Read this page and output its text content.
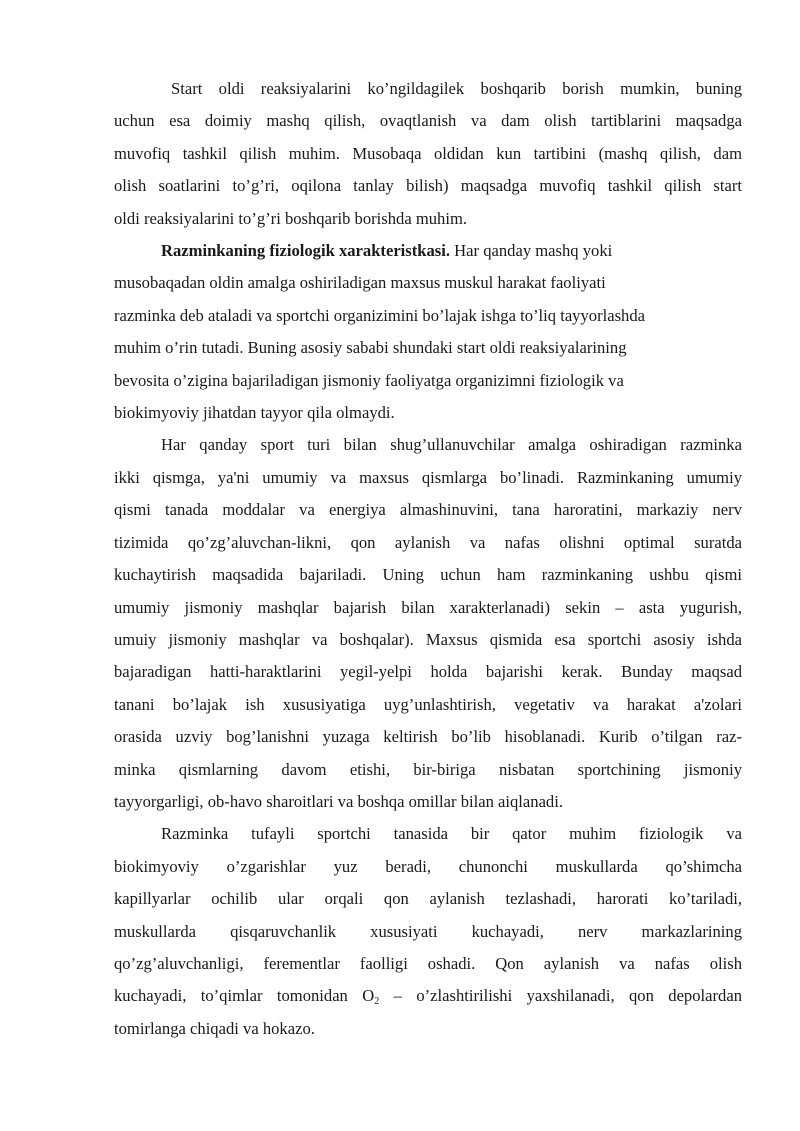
Start oldi reaksiyalarini ko’ngildagilek boshqarib borish mumkin, buning

uchun esa doimiy mashq qilish, ovaqtlanish va dam olish tartiblarini maqsadga

muvofiq tashkil qilish muhim. Musobaqa oldidan kun tartibini (mashq qilish, dam

olish soatlarini to’g’ri, oqilona tanlay bilish) maqsadga muvofiq tashkil qilish start

oldi reaksiyalarini to’g’ri boshqarib borishda muhim.

Razminkaning fiziologik xarakteristkasi. Har qanday mashq yoki

musobaqadan oldin amalga oshiriladigan maxsus muskul harakat faoliyati

razminka deb ataladi va sportchi organizimini bo’lajak ishga to’liq tayyorlashda

muhim o’rin tutadi. Buning asosiy sababi shundaki start oldi reaksiyalarining

bevosita o’zigina bajariladigan jismoniy faoliyatga organizimni fiziologik va

biokimyoviy jihatdan tayyor qila olmaydi.

Har qanday sport turi bilan shug’ullanuvchilar amalga oshiradigan razminka

ikki qismga, ya'ni umumiy va maxsus qismlarga bo’linadi. Razminkaning umumiy

qismi tanada moddalar va energiya almashinuvini, tana haroratini, markaziy nerv

tizimida qo’zg’aluvchan-likni, qon aylanish va nafas olishni optimal suratda

kuchaytirish maqsadida bajariladi. Uning uchun ham razminkaning ushbu qismi

umumiy jismoniy mashqlar bajarish bilan xarakterlanadi) sekin – asta yugurish,

umuiy jismoniy mashqlar va boshqalar). Maxsus qismida esa sportchi asosiy ishda

bajaradigan hatti-haraktlarini yegil-yelpi holda bajarishi kerak. Bunday maqsad

tanani bo’lajak ish xususiyatiga uyg’unlashtirish, vegetativ va harakat a'zolari

orasida uzviy bog’lanishni yuzaga keltirish bo’lib hisoblanadi. Kurib o’tilgan raz-

minka qismlarning davom etishi, bir-biriga nisbatan sportchining jismoniy

tayyorgarligi, ob-havo sharoitlari va boshqa omillar bilan aiqlanadi.

Razminka tufayli sportchi tanasida bir qator muhim fiziologik va

biokimyoviy o’zgarishlar yuz beradi, chunonchi muskullarda qo’shimcha

kapillyarlar ochilib ular orqali qon aylanish tezlashadi, harorati ko’tariladi,

muskullarda qisqaruvchanlik xususiyati kuchayadi, nerv markazlarining

qo’zg’aluvchanligi, ferementlar faolligi oshadi. Qon aylanish va nafas olish

kuchayadi, to’qimlar tomonidan $O_2$ – o’zlashtirilishi yaxshilanadi, qon depolardan

tomirlanga chiqadi va hokazo.
